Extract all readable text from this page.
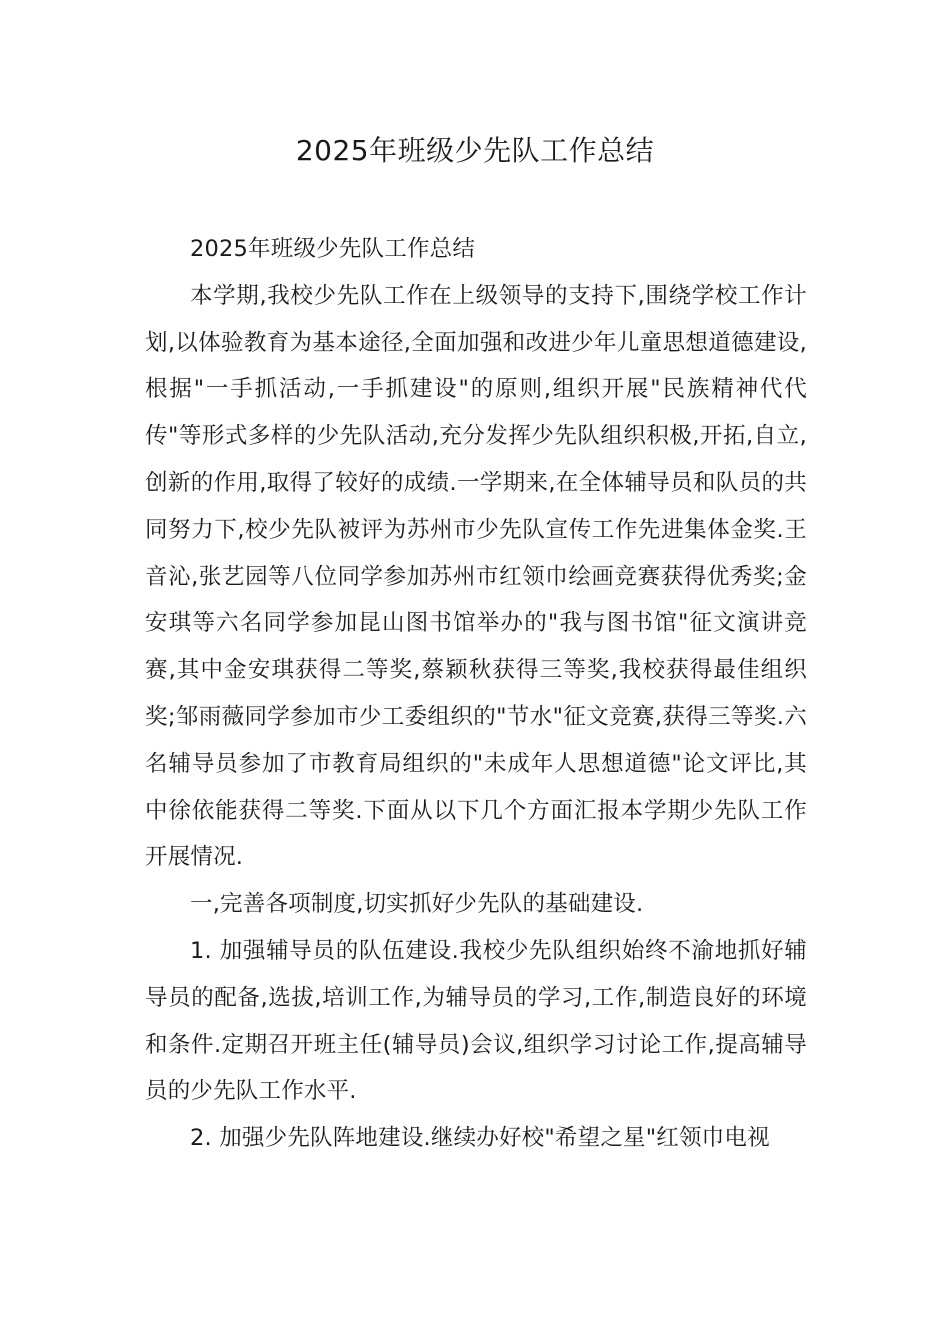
2025年班级少先队工作总结

2025年班级少先队工作总结

本学期,我校少先队工作在上级领导的支持下,围绕学校工作计划,以体验教育为基本途径,全面加强和改进少年儿童思想道德建设,根据"一手抓活动,一手抓建设"的原则,组织开展"民族精神代代传"等形式多样的少先队活动,充分发挥少先队组织积极,开拓,自立,创新的作用,取得了较好的成绩.一学期来,在全体辅导员和队员的共同努力下,校少先队被评为苏州市少先队宣传工作先进集体金奖.王音沁,张艺园等八位同学参加苏州市红领巾绘画竞赛获得优秀奖;金安琪等六名同学参加昆山图书馆举办的"我与图书馆"征文演讲竞赛,其中金安琪获得二等奖,蔡颖秋获得三等奖,我校获得最佳组织奖;邹雨薇同学参加市少工委组织的"节水"征文竞赛,获得三等奖.六名辅导员参加了市教育局组织的"未成年人思想道德"论文评比,其中徐依能获得二等奖.下面从以下几个方面汇报本学期少先队工作开展情况.

一,完善各项制度,切实抓好少先队的基础建设.

1. 加强辅导员的队伍建设.我校少先队组织始终不渝地抓好辅导员的配备,选拔,培训工作,为辅导员的学习,工作,制造良好的环境和条件.定期召开班主任(辅导员)会议,组织学习讨论工作,提高辅导员的少先队工作水平.

2. 加强少先队阵地建设.继续办好校"希望之星"红领巾电视
